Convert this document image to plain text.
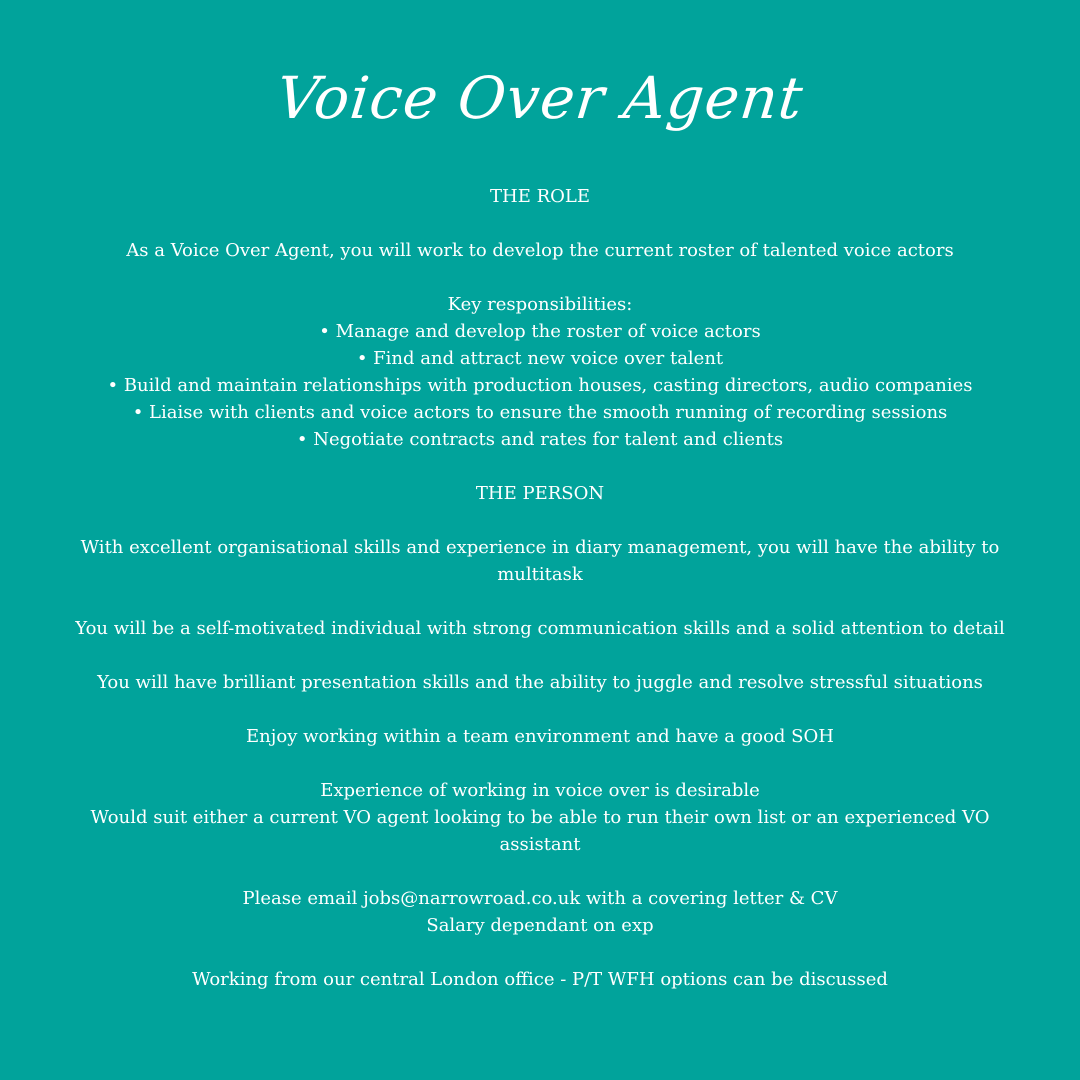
Voice Over Agent
THE ROLE
As a Voice Over Agent, you will work to develop the current roster of talented voice actors
Key responsibilities:
• Manage and develop the roster of voice actors
• Find and attract new voice over talent
• Build and maintain relationships with production houses, casting directors, audio companies
• Liaise with clients and voice actors to ensure the smooth running of recording sessions
• Negotiate contracts and rates for talent and clients
THE PERSON
With excellent organisational skills and experience in diary management, you will have the ability to
multitask
You will be a self-motivated individual with strong communication skills and a solid attention to detail
You will have brilliant presentation skills and the ability to juggle and resolve stressful situations
Enjoy working within a team environment and have a good SOH
Experience of working in voice over is desirable
Would suit either a current VO agent looking to be able to run their own list or an experienced VO
assistant
Please email jobs@narrowroad.co.uk with a covering letter & CV
Salary dependant on exp
Working from our central London office - P/T WFH options can be discussed
